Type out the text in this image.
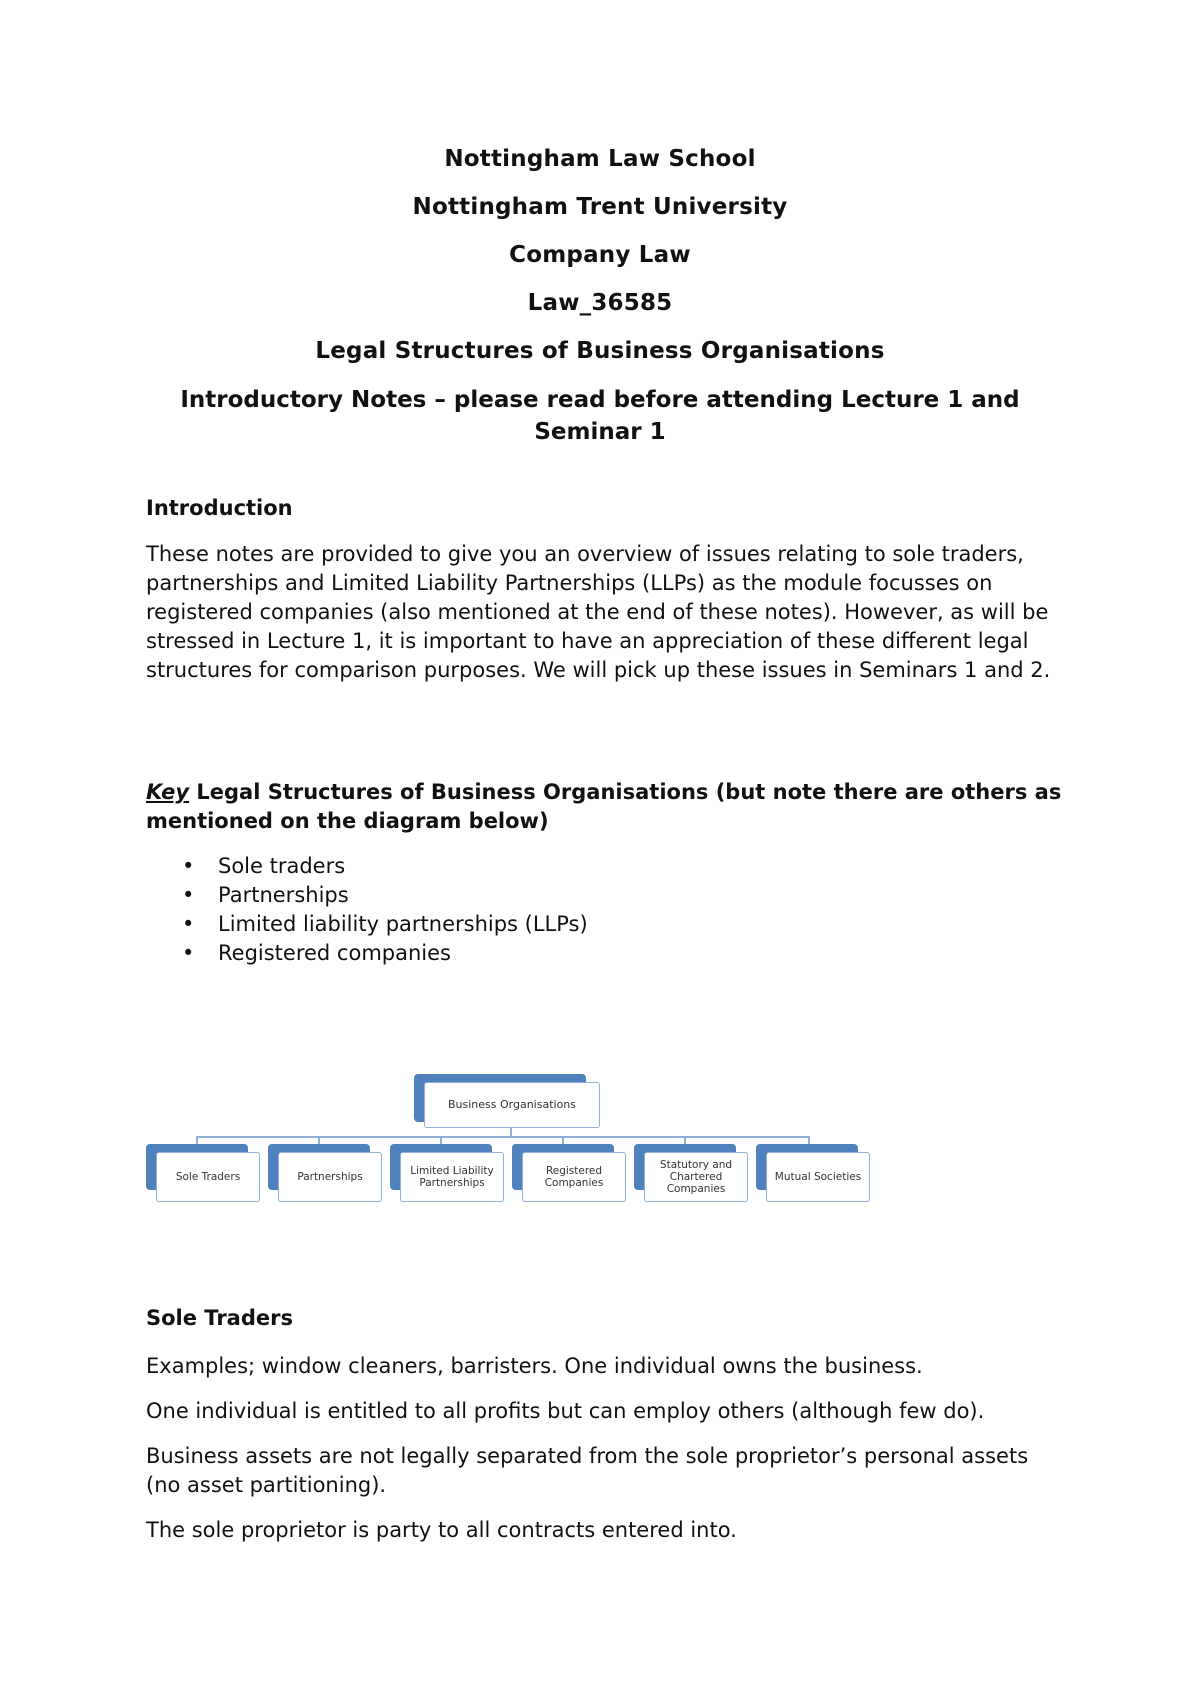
Nottingham Law School
Nottingham Trent University
Company Law
Law_36585
Legal Structures of Business Organisations
Introductory Notes – please read before attending Lecture 1 and Seminar 1
Introduction

These notes are provided to give you an overview of issues relating to sole traders, partnerships and Limited Liability Partnerships (LLPs) as the module focusses on registered companies (also mentioned at the end of these notes). However, as will be stressed in Lecture 1, it is important to have an appreciation of these different legal structures for comparison purposes. We will pick up these issues in Seminars 1 and 2.

Key Legal Structures of Business Organisations (but note there are others as mentioned on the diagram below)
• Sole traders
• Partnerships
• Limited liability partnerships (LLPs)
• Registered companies
Business Organisations
Sole Traders	Partnerships	Limited Liability Partnerships
Registered Companies
Statutory and Chartered Companies
Mutual Societies
Sole Traders
Examples; window cleaners, barristers. One individual owns the business.
One individual is entitled to all profits but can employ others (although few do).
Business assets are not legally separated from the sole proprietor’s personal assets (no asset partitioning).
The sole proprietor is party to all contracts entered into.
